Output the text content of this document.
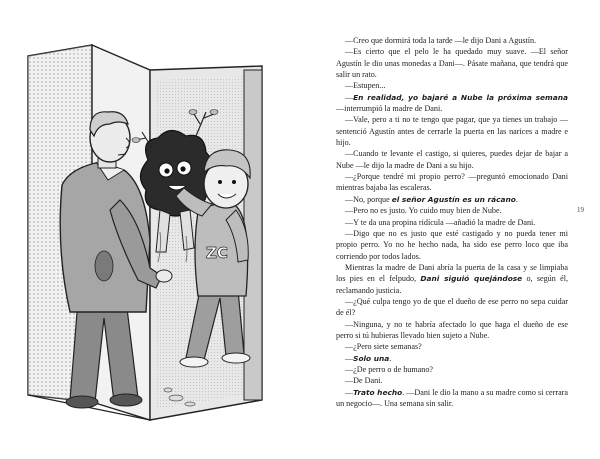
ZC

—Creo que dormirá toda la tarde —le dijo Dani a Agustín.

—Es cierto que el pelo le ha quedado muy suave. —El señor Agustín le dio unas monedas a Dani—. Pásate mañana, que tendrá que salir un rato.

—Estupen...

—En realidad, yo bajaré a Nube la próxima semana —interrumpió la madre de Dani.

—Vale, pero a ti no te tengo que pagar, que ya tienes un trabajo —sentenció Agustín antes de cerrarle la puerta en las narices a madre e hijo.

—Cuando te levante el castigo, si quieres, puedes dejar de bajar a Nube —le dijo la madre de Dani a su hijo.

—¿Porque tendré mi propio perro? —preguntó emocionado Dani mientras bajaba las escaleras.

—No, porque el señor Agustín es un rácano.

—Pero no es justo. Yo cuido muy bien de Nube.

—Y te da una propina ridícula —añadió la madre de Dani.

—Digo que no es justo que esté castigado y no pueda tener mi propio perro. Yo no he hecho nada, ha sido ese perro loco que iba corriendo por todos lados.

Mientras la madre de Dani abría la puerta de la casa y se limpiaba los pies en el felpudo, Dani siguió quejándose o, según él, reclamando justicia.

—¿Qué culpa tengo yo de que el dueño de ese perro no sepa cuidar de él?

—Ninguna, y no te habría afectado lo que haga el dueño de ese perro si tú hubieras llevado bien sujeto a Nube.

—¿Pero siete semanas?

—Solo una.

—¿De perro o de humano?

—De Dani.

—Trato hecho. —Dani le dio la mano a su madre como si cerrara un negocio—. Una semana sin salir.

19
